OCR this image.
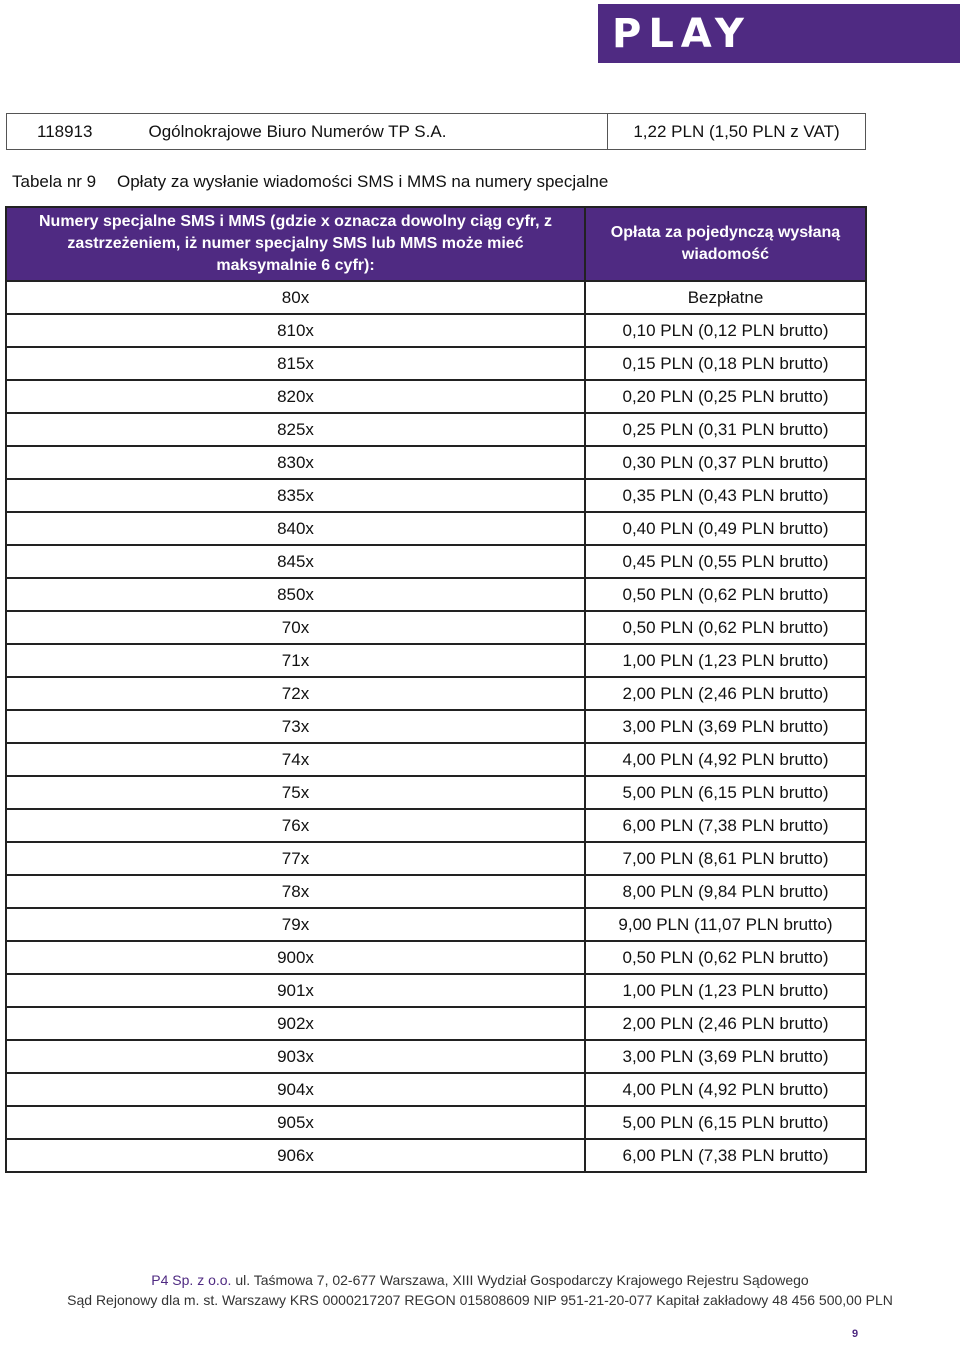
PLAY
118913	Ogólnokrajowe Biuro Numerów TP S.A.	1,22 PLN (1,50 PLN z VAT)
Tabela nr 9	Opłaty za wysłanie wiadomości SMS i MMS na numery specjalne
Numery specjalne SMS i MMS (gdzie x oznacza dowolny ciąg cyfr, z zastrzeżeniem, iż numer specjalny SMS lub MMS może mieć maksymalnie 6 cyfr):	Opłata za pojedynczą wysłaną wiadomość
80x	Bezpłatne
810x	0,10 PLN (0,12 PLN brutto)
815x	0,15 PLN (0,18 PLN brutto)
820x	0,20 PLN (0,25 PLN brutto)
825x	0,25 PLN (0,31 PLN brutto)
830x	0,30 PLN (0,37 PLN brutto)
835x	0,35 PLN (0,43 PLN brutto)
840x	0,40 PLN (0,49 PLN brutto)
845x	0,45 PLN (0,55 PLN brutto)
850x	0,50 PLN (0,62 PLN brutto)
70x	0,50 PLN (0,62 PLN brutto)
71x	1,00 PLN (1,23 PLN brutto)
72x	2,00 PLN (2,46 PLN brutto)
73x	3,00 PLN (3,69 PLN brutto)
74x	4,00 PLN (4,92 PLN brutto)
75x	5,00 PLN (6,15 PLN brutto)
76x	6,00 PLN (7,38 PLN brutto)
77x	7,00 PLN (8,61 PLN brutto)
78x	8,00 PLN (9,84 PLN brutto)
79x	9,00 PLN (11,07 PLN brutto)
900x	0,50 PLN (0,62 PLN brutto)
901x	1,00 PLN (1,23 PLN brutto)
902x	2,00 PLN (2,46 PLN brutto)
903x	3,00 PLN (3,69 PLN brutto)
904x	4,00 PLN (4,92 PLN brutto)
905x	5,00 PLN (6,15 PLN brutto)
906x	6,00 PLN (7,38 PLN brutto)
P4 Sp. z o.o. ul. Taśmowa 7, 02-677 Warszawa, XIII Wydział Gospodarczy Krajowego Rejestru Sądowego
Sąd Rejonowy dla m. st. Warszawy KRS 0000217207 REGON 015808609 NIP 951-21-20-077 Kapitał zakładowy 48 456 500,00 PLN
9
